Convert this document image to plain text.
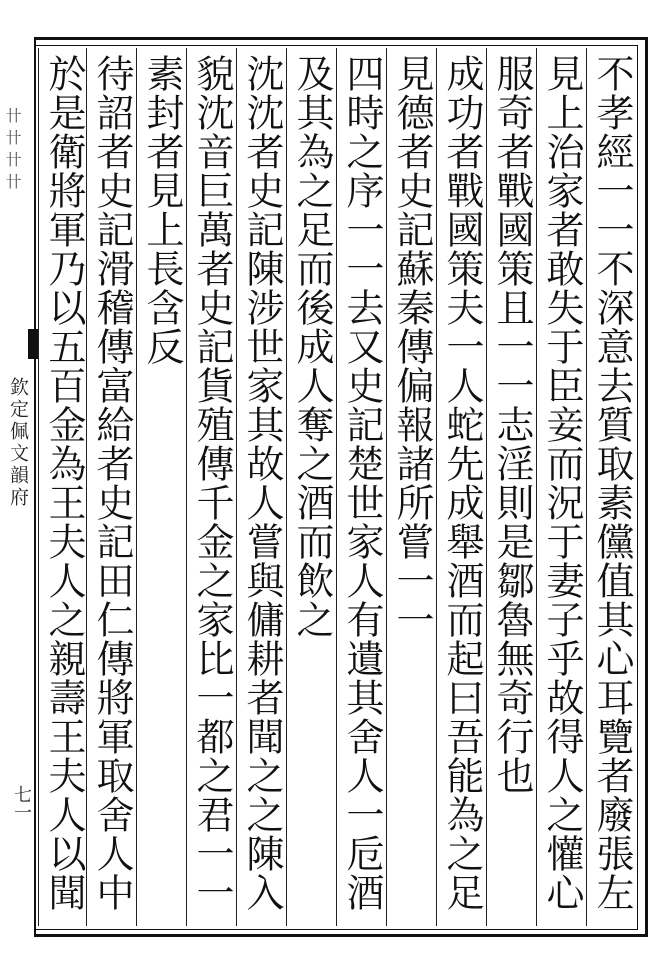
卄卄卄卄
欽定佩文韻府
七一
不孝經一一不深意去質取素儻值其心耳覽者廢張左
見上治家者敢失于臣妾而況于妻子乎故得人之懽心
服奇者戰國策且一一志淫則是鄒魯無奇行也
成功者戰國策夫一人蛇先成舉酒而起曰吾能為之足
見德者史記蘇秦傳偏報諸所嘗一一
四時之序一一去又史記楚世家人有遺其舍人一卮酒
及其為之足而後成人奪之酒而飲之
沈沈者史記陳涉世家其故人嘗與傭耕者聞之之陳入
貌沈音巨萬者史記貨殖傳千金之家比一都之君一一
素封者見上長含反
待詔者史記滑稽傳富給者史記田仁傳將軍取舍人中
於是衛將軍乃以五百金為王夫人之親壽王夫人以聞
